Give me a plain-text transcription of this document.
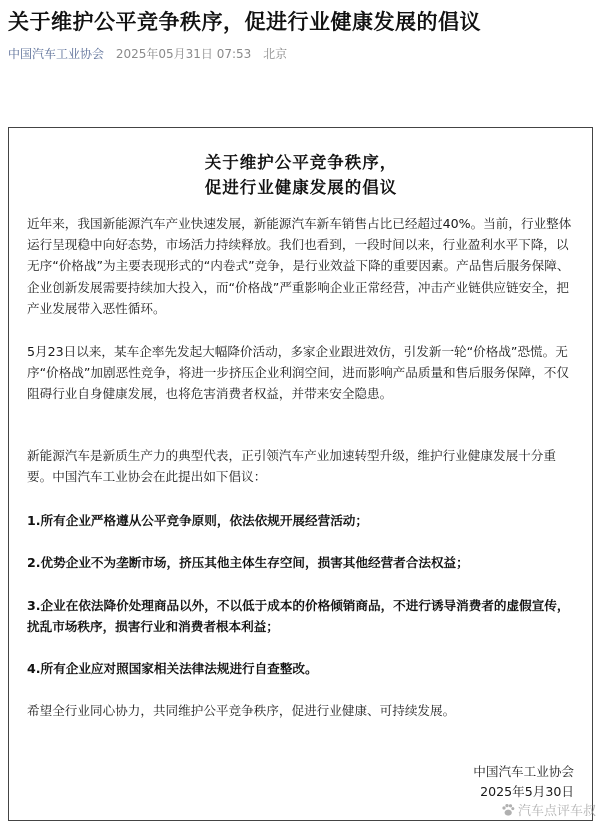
关于维护公平竞争秩序，促进行业健康发展的倡议
中国汽车工业协会 2025年05月31日 07:53 北京
关于维护公平竞争秩序，
促进行业健康发展的倡议

近年来，我国新能源汽车产业快速发展，新能源汽车新车销售占比已经超过40%。当前，行业整体运行呈现稳中向好态势，市场活力持续释放。我们也看到，一段时间以来，行业盈利水平下降，以无序“价格战”为主要表现形式的“内卷式”竞争，是行业效益下降的重要因素。产品售后服务保障、企业创新发展需要持续加大投入，而“价格战”严重影响企业正常经营，冲击产业链供应链安全，把产业发展带入恶性循环。

5月23日以来，某车企率先发起大幅降价活动，多家企业跟进效仿，引发新一轮“价格战”恐慌。无序“价格战”加剧恶性竞争，将进一步挤压企业利润空间，进而影响产品质量和售后服务保障，不仅阻碍行业自身健康发展，也将危害消费者权益，并带来安全隐患。

新能源汽车是新质生产力的典型代表，正引领汽车产业加速转型升级，维护行业健康发展十分重要。中国汽车工业协会在此提出如下倡议：

1.所有企业严格遵从公平竞争原则，依法依规开展经营活动；

2.优势企业不为垄断市场，挤压其他主体生存空间，损害其他经营者合法权益；

3.企业在依法降价处理商品以外，不以低于成本的价格倾销商品，不进行诱导消费者的虚假宣传，扰乱市场秩序，损害行业和消费者根本利益；

4.所有企业应对照国家相关法律法规进行自查整改。

希望全行业同心协力，共同维护公平竞争秩序，促进行业健康、可持续发展。

中国汽车工业协会
2025年5月30日
汽车点评车叔
